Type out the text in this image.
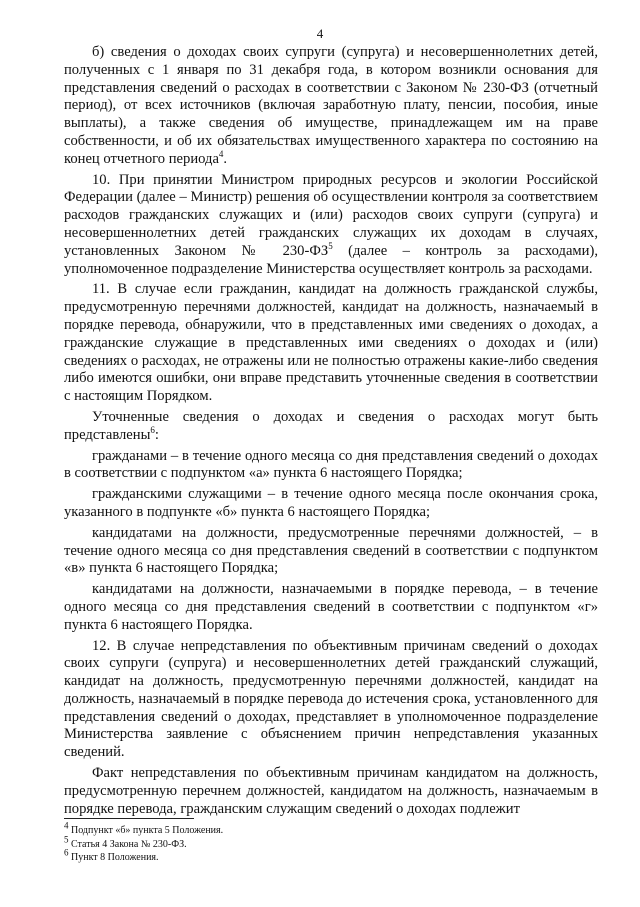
4

б) сведения о доходах своих супруги (супруга) и несовершеннолетних детей, полученных с 1 января по 31 декабря года, в котором возникли основания для представления сведений о расходах в соответствии с Законом № 230-ФЗ (отчетный период), от всех источников (включая заработную плату, пенсии, пособия, иные выплаты), а также сведения об имуществе, принадлежащем им на праве собственности, и об их обязательствах имущественного характера по состоянию на конец отчетного периода$^4$.

10. При принятии Министром природных ресурсов и экологии Российской Федерации (далее – Министр) решения об осуществлении контроля за соответствием расходов гражданских служащих и (или) расходов своих супруги (супруга) и несовершеннолетних детей гражданских служащих их доходам в случаях, установленных Законом № $230-ФЗ^5$ (далее – контроль за расходами), уполномоченное подразделение Министерства осуществляет контроль за расходами.

11. В случае если гражданин, кандидат на должность гражданской службы, предусмотренную перечнями должностей, кандидат на должность, назначаемый в порядке перевода, обнаружили, что в представленных ими сведениях о доходах, а гражданские служащие в представленных ими сведениях о доходах и (или) сведениях о расходах, не отражены или не полностью отражены какие-либо сведения либо имеются ошибки, они вправе представить уточненные сведения в соответствии с настоящим Порядком.

Уточненные сведения о доходах и сведения о расходах могут быть представлены$^6$:

гражданами – в течение одного месяца со дня представления сведений о доходах в соответствии с подпунктом «а» пункта 6 настоящего Порядка;

гражданскими служащими – в течение одного месяца после окончания срока, указанного в подпункте «б» пункта 6 настоящего Порядка;

кандидатами на должности, предусмотренные перечнями должностей, – в течение одного месяца со дня представления сведений в соответствии с подпунктом «в» пункта 6 настоящего Порядка;

кандидатами на должности, назначаемыми в порядке перевода, – в течение одного месяца со дня представления сведений в соответствии с подпунктом «г» пункта 6 настоящего Порядка.

12. В случае непредставления по объективным причинам сведений о доходах своих супруги (супруга) и несовершеннолетних детей гражданский служащий, кандидат на должность, предусмотренную перечнями должностей, кандидат на должность, назначаемый в порядке перевода до истечения срока, установленного для представления сведений о доходах, представляет в уполномоченное подразделение Министерства заявление с объяснением причин непредставления указанных сведений.

Факт непредставления по объективным причинам кандидатом на должность, предусмотренную перечнем должностей, кандидатом на должность, назначаемым в порядке перевода, гражданским служащим сведений о доходах подлежит

$^4$ Подпункт «б» пункта 5 Положения.
$^5$ Статья 4 Закона № 230-ФЗ.
$^6$ Пункт 8 Положения.
